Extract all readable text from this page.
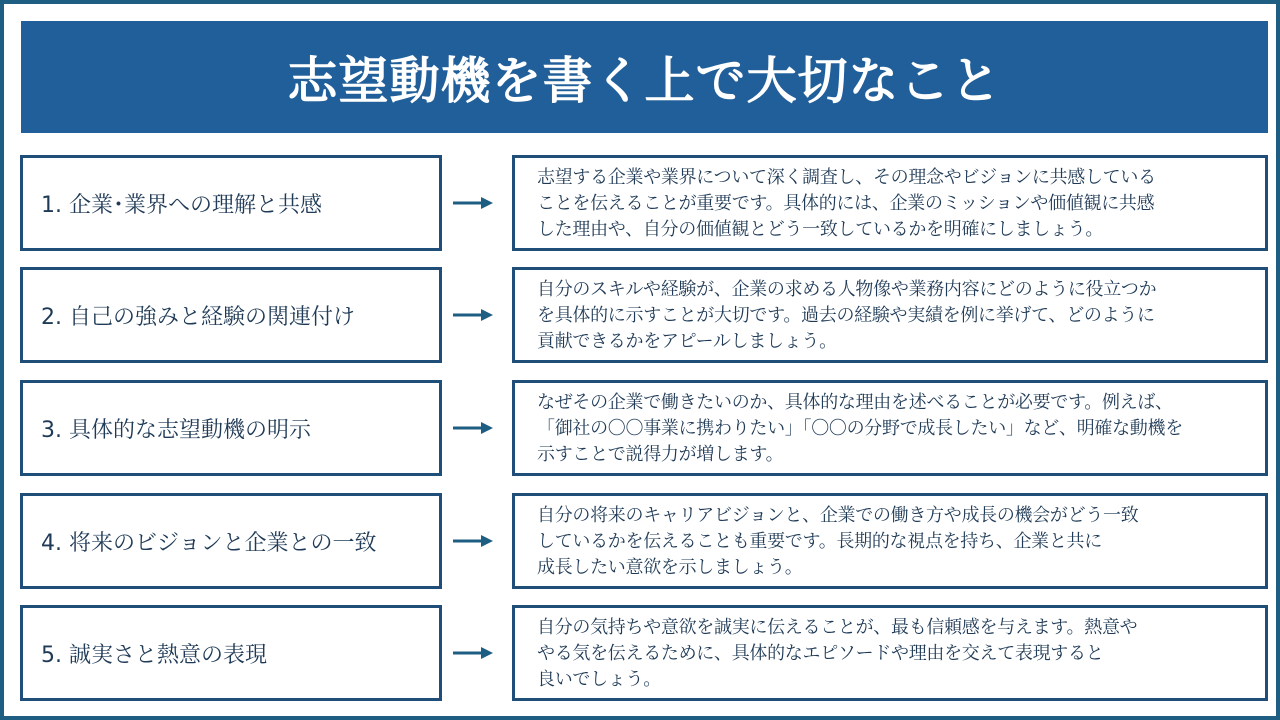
志望動機を書く上で大切なこと
1. 企業･業界への理解と共感
志望する企業や業界について深く調査し、その理念やビジョンに共感している
ことを伝えることが重要です。具体的には、企業のミッションや価値観に共感
した理由や、自分の価値観とどう一致しているかを明確にしましょう。
2. 自己の強みと経験の関連付け
自分のスキルや経験が、企業の求める人物像や業務内容にどのように役立つか
を具体的に示すことが大切です。過去の経験や実績を例に挙げて、どのように
貢献できるかをアピールしましょう。
3. 具体的な志望動機の明示
なぜその企業で働きたいのか、具体的な理由を述べることが必要です。例えば、
「御社の〇〇事業に携わりたい」「〇〇の分野で成長したい」など、明確な動機を
示すことで説得力が増します。
4. 将来のビジョンと企業との一致
自分の将来のキャリアビジョンと、企業での働き方や成長の機会がどう一致
しているかを伝えることも重要です。長期的な視点を持ち、企業と共に
成長したい意欲を示しましょう。
5. 誠実さと熱意の表現
自分の気持ちや意欲を誠実に伝えることが、最も信頼感を与えます。熱意や
やる気を伝えるために、具体的なエピソードや理由を交えて表現すると
良いでしょう。
